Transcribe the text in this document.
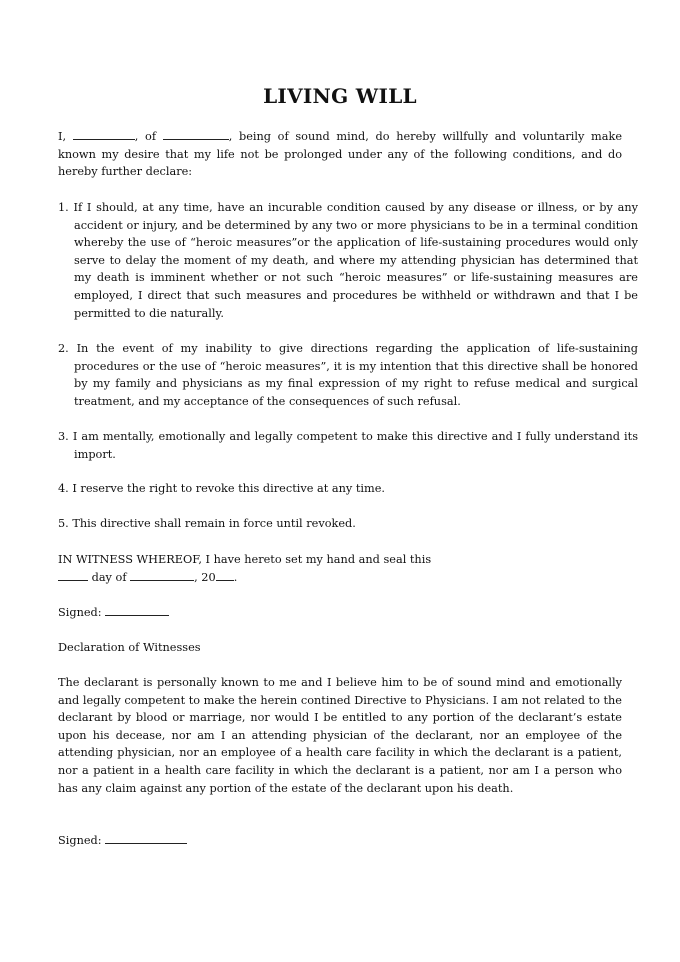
LIVING WILL
I,	, of	, being of sound mind, do hereby willfully and voluntarily make known my desire that my life not be prolonged under any of the following conditions, and do hereby further declare:
1. If I should, at any time, have an incurable condition caused by any disease or illness, or by any accident or injury, and be determined by any two or more physicians to be in a terminal condition whereby the use of “heroic measures”or the application of life-sustaining procedures would only serve to delay the moment of my death, and where my attending physician has determined that my death is imminent whether or not such “heroic measures” or life-sustaining measures are employed, I direct that such measures and procedures be withheld or withdrawn and that I be permitted to die naturally.
2. In the event of my inability to give directions regarding the application of life-sustaining procedures or the use of “heroic measures”, it is my intention that this directive shall be honored by my family and physicians as my final expression of my right to refuse medical and surgical treatment, and my acceptance of the consequences of such refusal.
3. I am mentally, emotionally and legally competent to make this directive and I fully understand its import.
4. I reserve the right to revoke this directive at any time.
5. This directive shall remain in force until revoked.
IN WITNESS WHEREOF, I have hereto set my hand and seal this
day of	, 20 .
Signed:
Declaration of Witnesses
The declarant is personally known to me and I believe him to be of sound mind and emotionally and legally competent to make the herein contined Directive to Physicians. I am not related to the declarant by blood or marriage, nor would I be entitled to any portion of the declarant’s estate upon his decease, nor am I an attending physician of the declarant, nor an employee of the attending physician, nor an employee of a health care facility in which the declarant is a patient, nor a patient in a health care facility in which the declarant is a patient, nor am I a person who has any claim against any portion of the estate of the declarant upon his death.
Signed:
